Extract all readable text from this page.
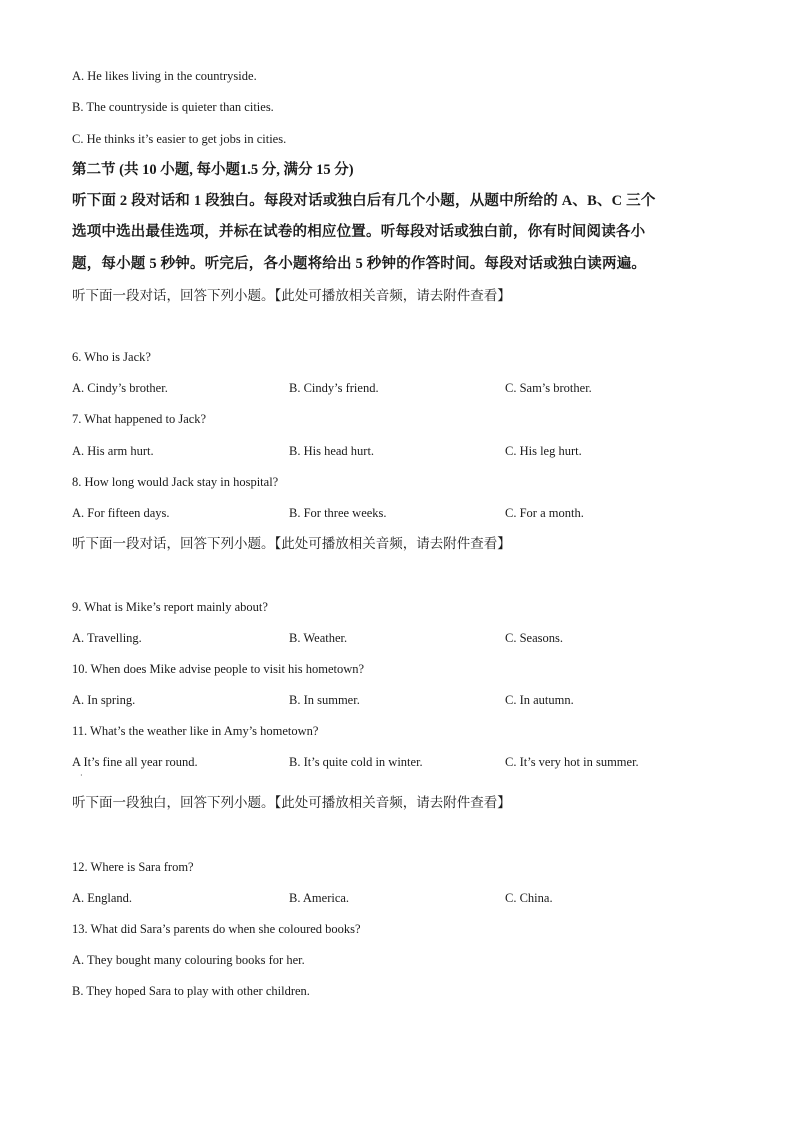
A. He likes living in the countryside.
B. The countryside is quieter than cities.
C. He thinks it’s easier to get jobs in cities.
第二节 (共 10 小题, 每小题1.5 分, 满分 15 分)
听下面 2 段对话和 1 段独白。每段对话或独白后有几个小题，从题中所给的 A、B、C 三个
选项中选出最佳选项，并标在试卷的相应位置。听每段对话或独白前，你有时间阅读各小
题，每小题 5 秒钟。听完后，各小题将给出 5 秒钟的作答时间。每段对话或独白读两遍。
听下面一段对话，回答下列小题。【此处可播放相关音频，请去附件查看】
6. Who is Jack?
A. Cindy’s brother.	B. Cindy’s friend.	C. Sam’s brother.
7. What happened to Jack?
A. His arm hurt.	B. His head hurt.	C. His leg hurt.
8. How long would Jack stay in hospital?
A. For fifteen days.	B. For three weeks.	C. For a month.
听下面一段对话，回答下列小题。【此处可播放相关音频，请去附件查看】
9. What is Mike’s report mainly about?
A. Travelling.	B. Weather.	C. Seasons.
10. When does Mike advise people to visit his hometown?
A. In spring.	B. In summer.	C. In autumn.
11. What’s the weather like in Amy’s hometown?
A It’s fine all year round.
·
B. It’s quite cold in winter.	C. It’s very hot in summer.
听下面一段独白，回答下列小题。【此处可播放相关音频，请去附件查看】
12. Where is Sara from?
A. England.	B. America.	C. China.
13. What did Sara’s parents do when she coloured books?
A. They bought many colouring books for her.
B. They hoped Sara to play with other children.
